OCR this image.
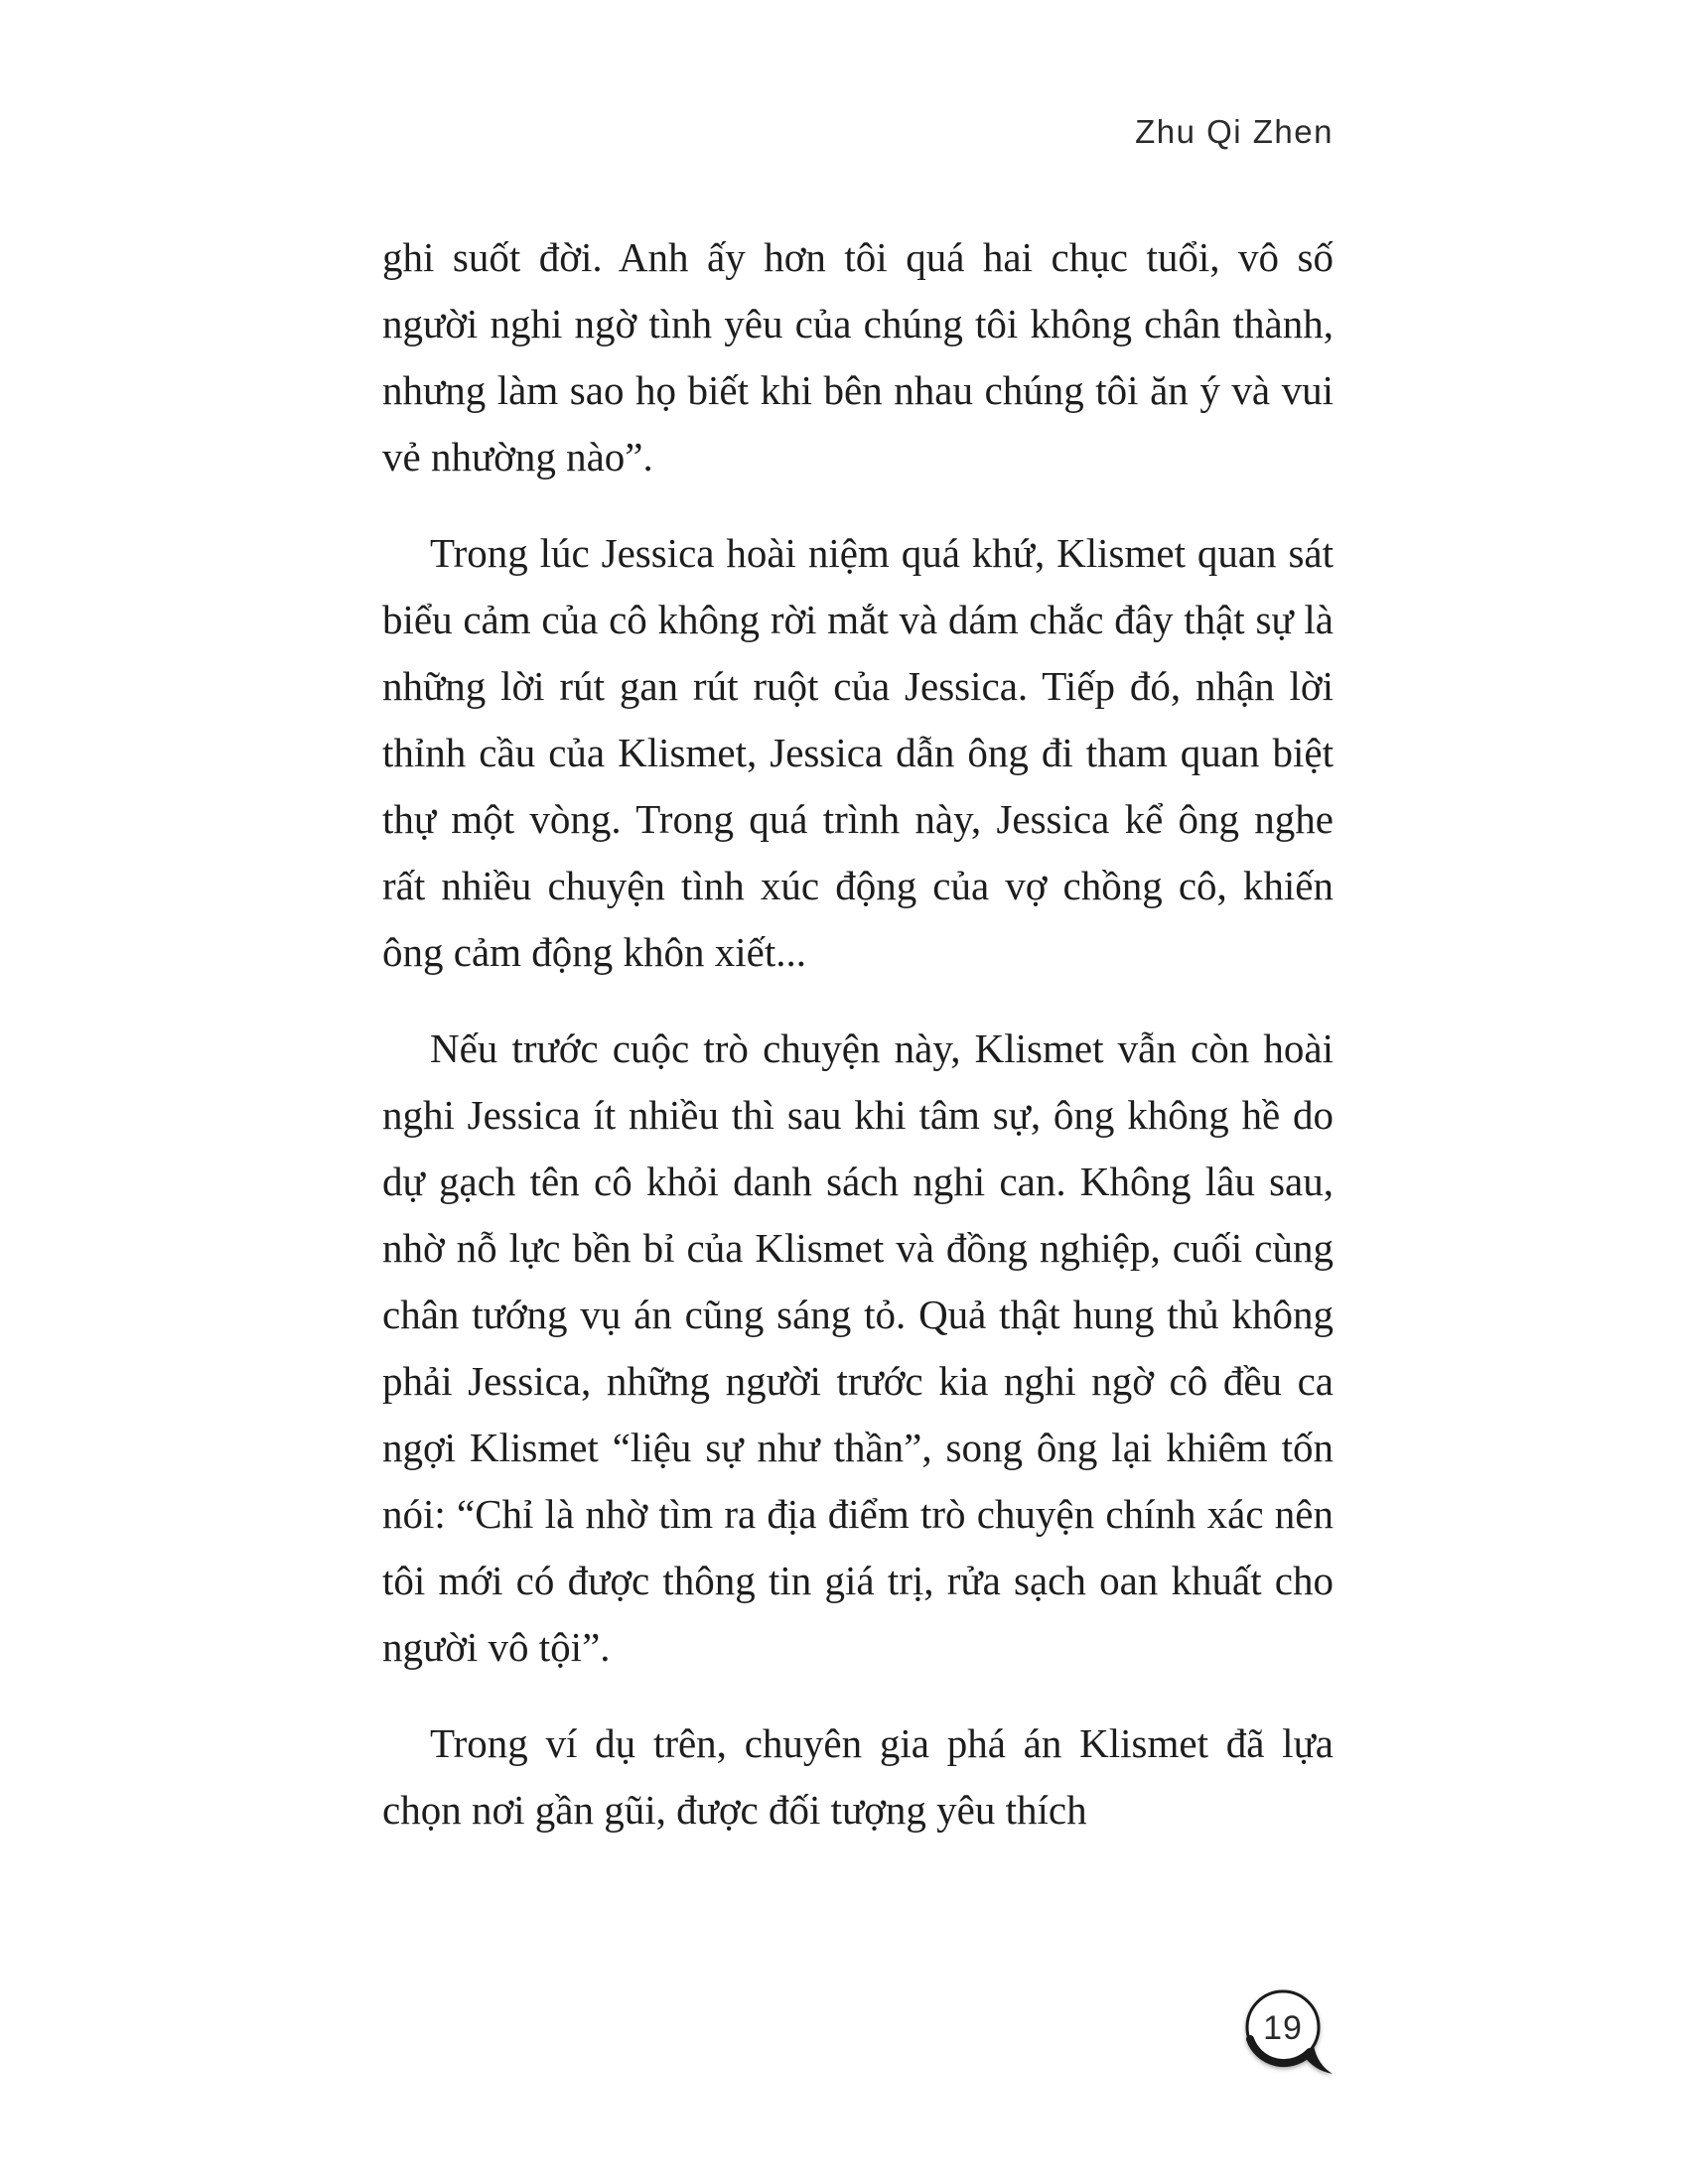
Zhu Qi Zhen

ghi suốt đời. Anh ấy hơn tôi quá hai chục tuổi, vô số người nghi ngờ tình yêu của chúng tôi không chân thành, nhưng làm sao họ biết khi bên nhau chúng tôi ăn ý và vui vẻ nhường nào”.

Trong lúc Jessica hoài niệm quá khứ, Klismet quan sát biểu cảm của cô không rời mắt và dám chắc đây thật sự là những lời rút gan rút ruột của Jessica. Tiếp đó, nhận lời thỉnh cầu của Klismet, Jessica dẫn ông đi tham quan biệt thự một vòng. Trong quá trình này, Jessica kể ông nghe rất nhiều chuyện tình xúc động của vợ chồng cô, khiến ông cảm động khôn xiết...

Nếu trước cuộc trò chuyện này, Klismet vẫn còn hoài nghi Jessica ít nhiều thì sau khi tâm sự, ông không hề do dự gạch tên cô khỏi danh sách nghi can. Không lâu sau, nhờ nỗ lực bền bỉ của Klismet và đồng nghiệp, cuối cùng chân tướng vụ án cũng sáng tỏ. Quả thật hung thủ không phải Jessica, những người trước kia nghi ngờ cô đều ca ngợi Klismet “liệu sự như thần”, song ông lại khiêm tốn nói: “Chỉ là nhờ tìm ra địa điểm trò chuyện chính xác nên tôi mới có được thông tin giá trị, rửa sạch oan khuất cho người vô tội”.

Trong ví dụ trên, chuyên gia phá án Klismet đã lựa chọn nơi gần gũi, được đối tượng yêu thích

19
